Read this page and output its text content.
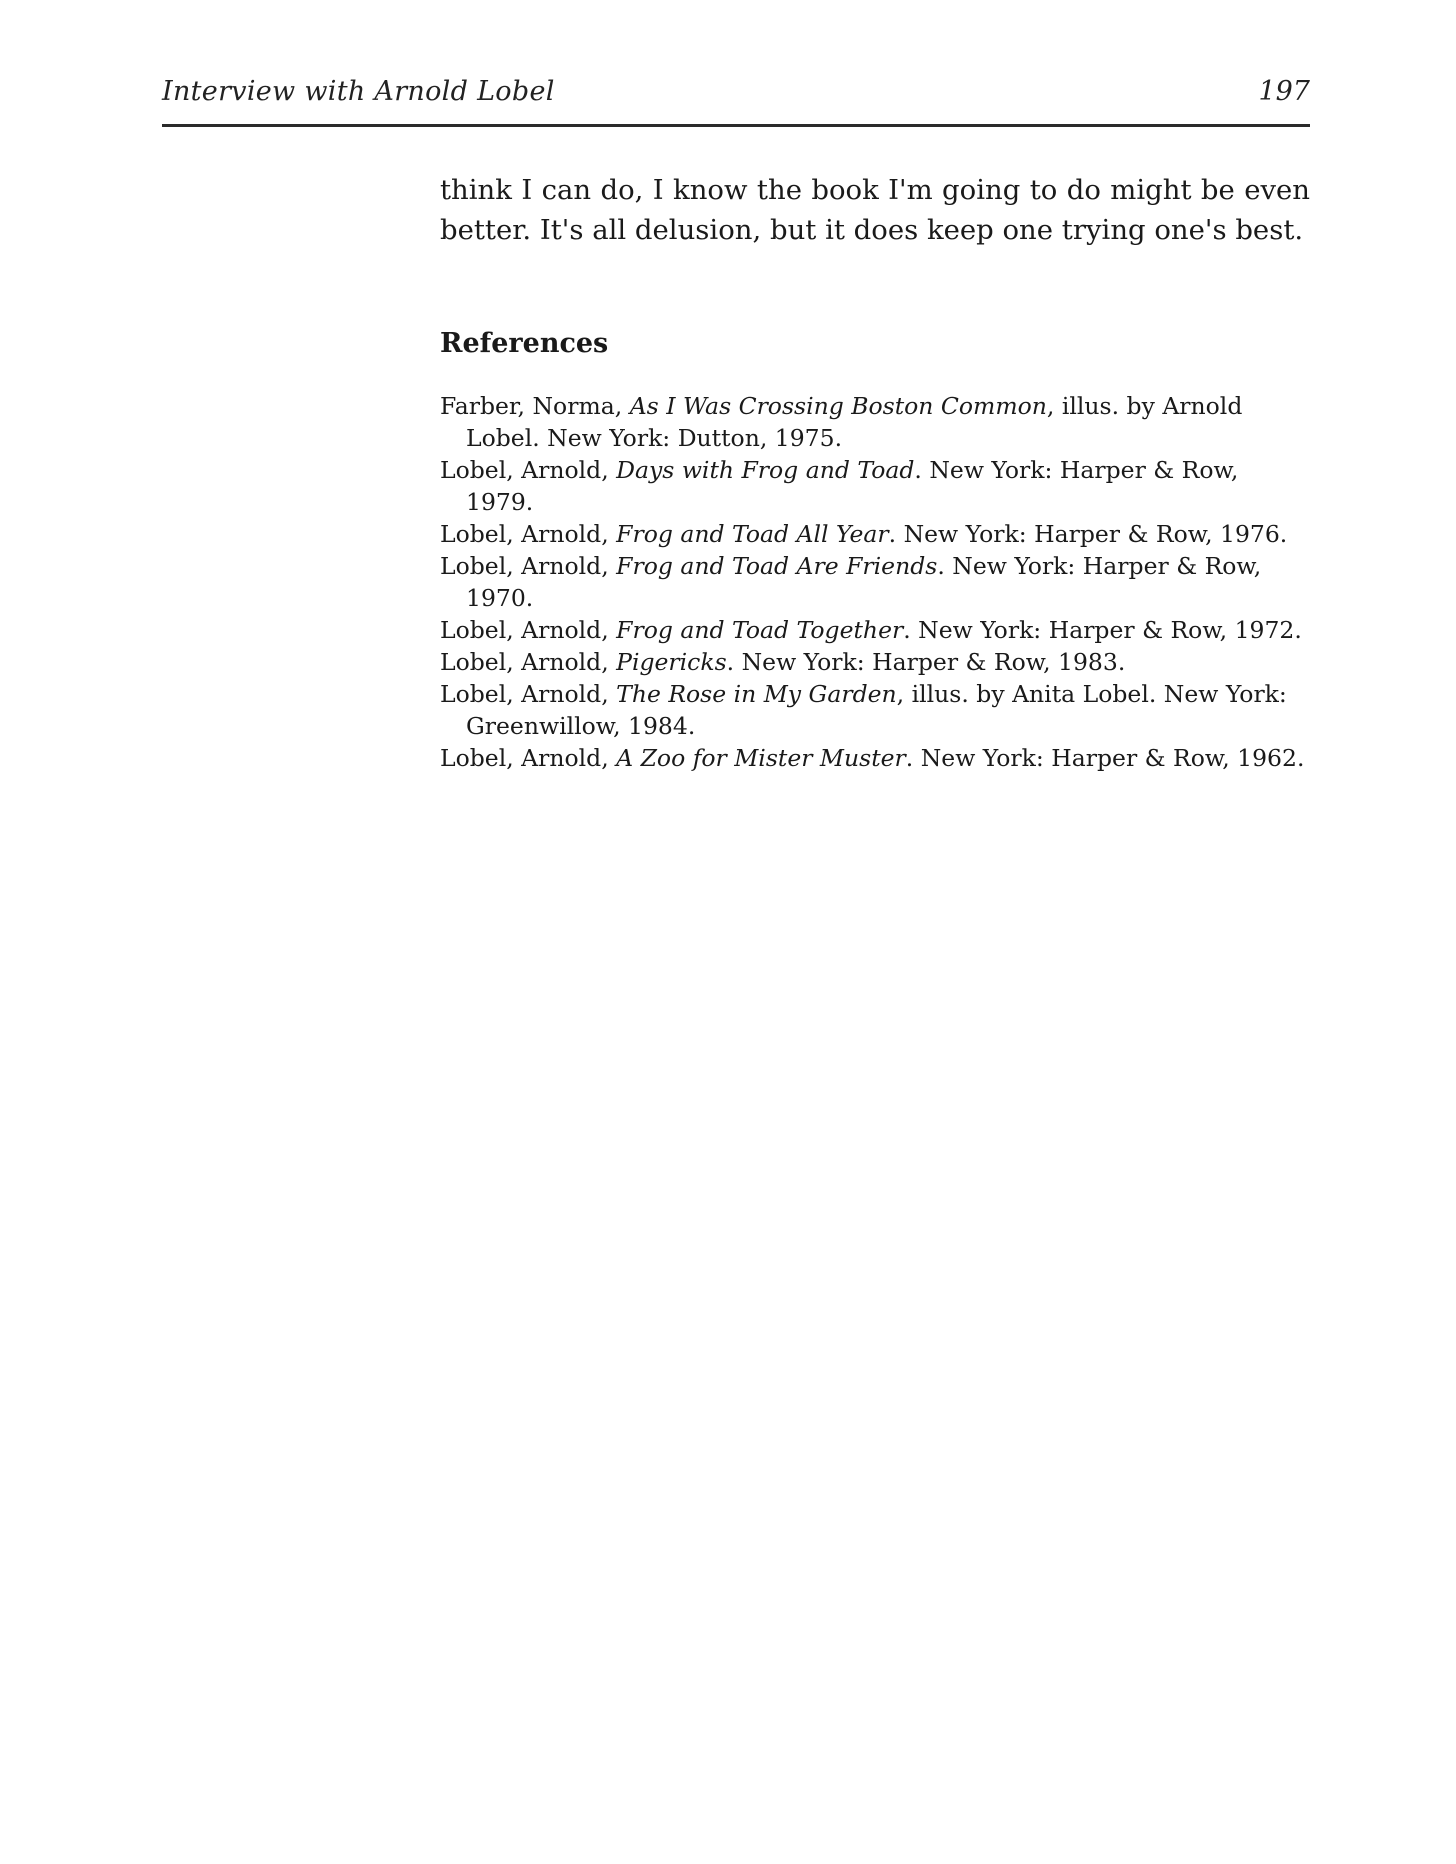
Interview with Arnold Lobel	197

think I can do, I know the book I'm going to do might be even better. It's all delusion, but it does keep one trying one's best.

References
Farber, Norma, As I Was Crossing Boston Common, illus. by Arnold Lobel. New York: Dutton, 1975.
Lobel, Arnold, Days with Frog and Toad. New York: Harper & Row, 1979.
Lobel, Arnold, Frog and Toad All Year. New York: Harper & Row, 1976.
Lobel, Arnold, Frog and Toad Are Friends. New York: Harper & Row, 1970.
Lobel, Arnold, Frog and Toad Together. New York: Harper & Row, 1972.
Lobel, Arnold, Pigericks. New York: Harper & Row, 1983.
Lobel, Arnold, The Rose in My Garden, illus. by Anita Lobel. New York: Greenwillow, 1984.
Lobel, Arnold, A Zoo for Mister Muster. New York: Harper & Row, 1962.
